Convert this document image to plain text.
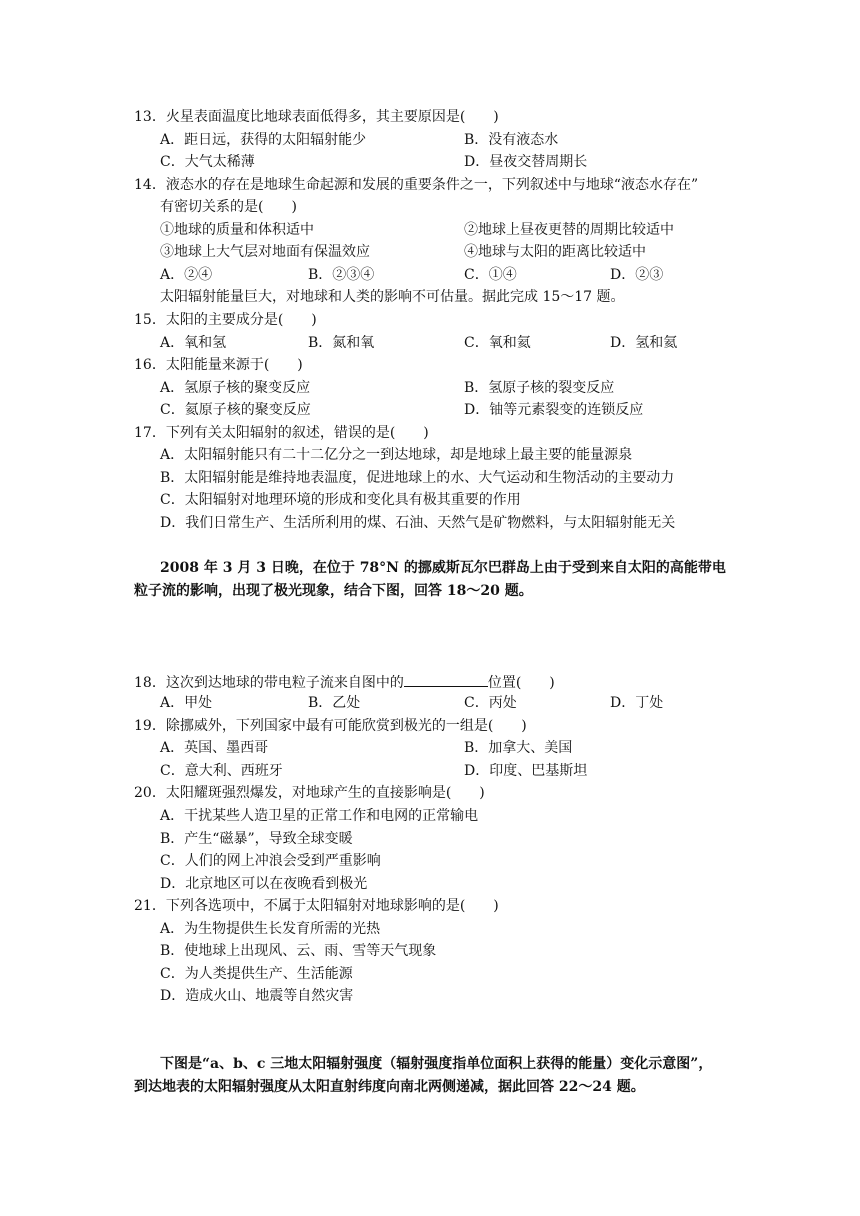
13．火星表面温度比地球表面低得多，其主要原因是(　　)
A．距日远，获得的太阳辐射能少	B．没有液态水
C．大气太稀薄	D．昼夜交替周期长
14．液态水的存在是地球生命起源和发展的重要条件之一，下列叙述中与地球“液态水存在”
有密切关系的是(　　)
①地球的质量和体积适中	②地球上昼夜更替的周期比较适中
③地球上大气层对地面有保温效应	④地球与太阳的距离比较适中
A．②④	B．②③④	C．①④	D．②③
太阳辐射能量巨大，对地球和人类的影响不可估量。据此完成 15～17 题。
15．太阳的主要成分是(　　)
A．氧和氢	B．氮和氧	C．氧和氦	D．氢和氦
16．太阳能量来源于(　　)
A．氢原子核的聚变反应	B．氢原子核的裂变反应
C．氦原子核的聚变反应	D．铀等元素裂变的连锁反应
17．下列有关太阳辐射的叙述，错误的是(　　)
A．太阳辐射能只有二十二亿分之一到达地球，却是地球上最主要的能量源泉
B．太阳辐射能是维持地表温度，促进地球上的水、大气运动和生物活动的主要动力
C．太阳辐射对地理环境的形成和变化具有极其重要的作用
D．我们日常生产、生活所利用的煤、石油、天然气是矿物燃料，与太阳辐射能无关
2008 年 3 月 3 日晚，在位于 78°N 的挪威斯瓦尔巴群岛上由于受到来自太阳的高能带电
粒子流的影响，出现了极光现象，结合下图，回答 18～20 题。
18．这次到达地球的带电粒子流来自图中的	位置(　　)
A．甲处	B．乙处	C．丙处	D．丁处
19．除挪威外，下列国家中最有可能欣赏到极光的一组是(　　)
A．英国、墨西哥	B．加拿大、美国
C．意大利、西班牙	D．印度、巴基斯坦
20．太阳耀斑强烈爆发，对地球产生的直接影响是(　　)
A．干扰某些人造卫星的正常工作和电网的正常输电
B．产生“磁暴”，导致全球变暖
C．人们的网上冲浪会受到严重影响
D．北京地区可以在夜晚看到极光
21．下列各选项中，不属于太阳辐射对地球影响的是(　　)
A．为生物提供生长发育所需的光热
B．使地球上出现风、云、雨、雪等天气现象
C．为人类提供生产、生活能源
D．造成火山、地震等自然灾害
下图是“a、b、c 三地太阳辐射强度（辐射强度指单位面积上获得的能量）变化示意图”，
到达地表的太阳辐射强度从太阳直射纬度向南北两侧递减，据此回答 22～24 题。
